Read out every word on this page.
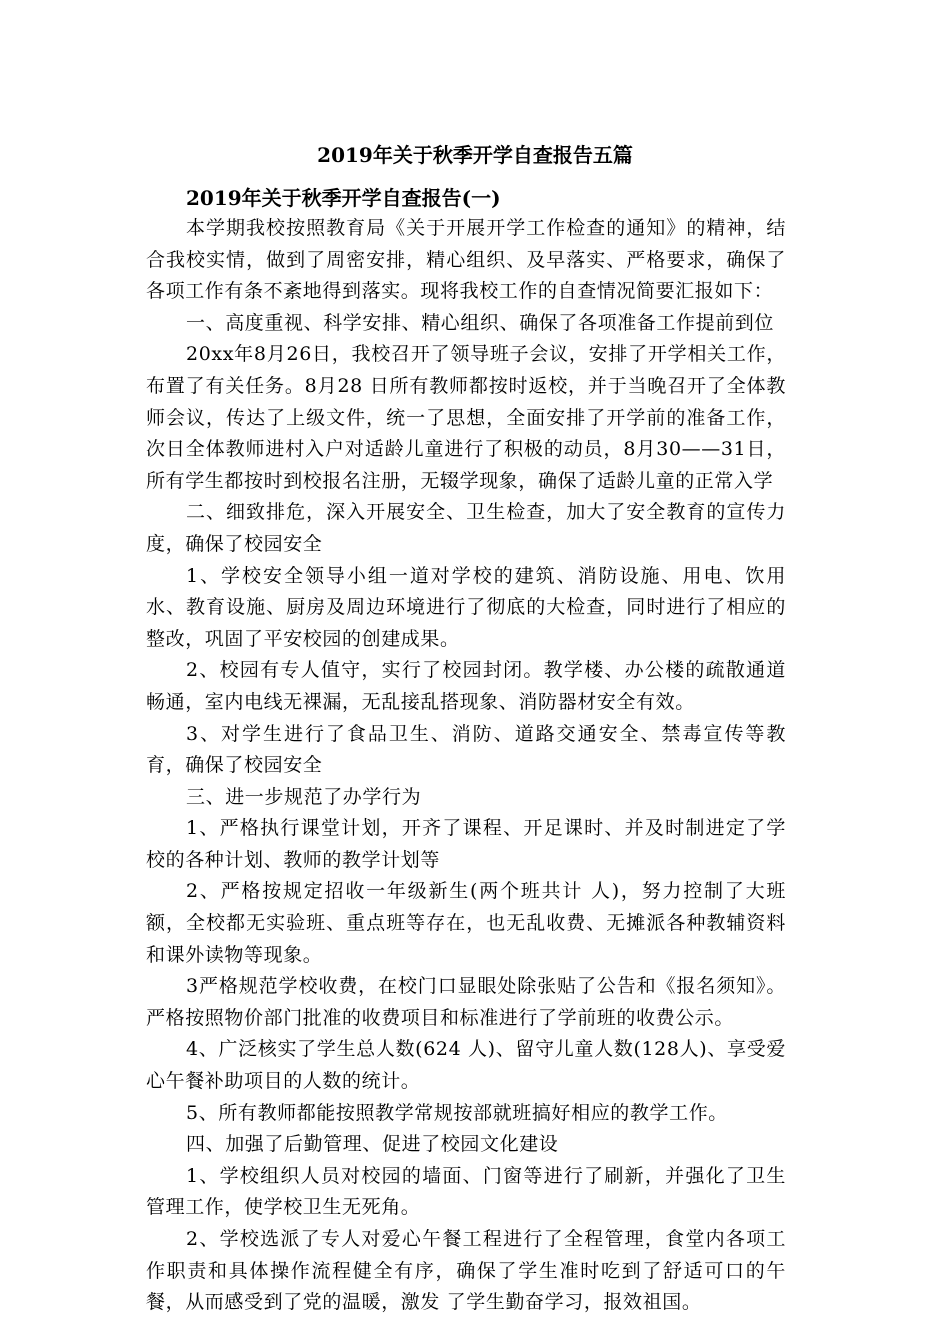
2019年关于秋季开学自查报告五篇

2019年关于秋季开学自查报告(一)

本学期我校按照教育局《关于开展开学工作检查的通知》的精神，结合我校实情，做到了周密安排，精心组织、及早落实、严格要求，确保了各项工作有条不紊地得到落实。现将我校工作的自查情况简要汇报如下：

一、高度重视、科学安排、精心组织、确保了各项准备工作提前到位

20xx年8月26日，我校召开了领导班子会议，安排了开学相关工作，布置了有关任务。8月28 日所有教师都按时返校，并于当晚召开了全体教师会议，传达了上级文件，统一了思想，全面安排了开学前的准备工作，次日全体教师进村入户对适龄儿童进行了积极的动员，8月30——31日，所有学生都按时到校报名注册，无辍学现象，确保了适龄儿童的正常入学

二、细致排危，深入开展安全、卫生检查，加大了安全教育的宣传力度，确保了校园安全

1、学校安全领导小组一道对学校的建筑、消防设施、用电、饮用水、教育设施、厨房及周边环境进行了彻底的大检查，同时进行了相应的整改，巩固了平安校园的创建成果。

2、校园有专人值守，实行了校园封闭。教学楼、办公楼的疏散通道畅通，室内电线无裸漏，无乱接乱搭现象、消防器材安全有效。

3、对学生进行了食品卫生、消防、道路交通安全、禁毒宣传等教育，确保了校园安全

三、进一步规范了办学行为

1、严格执行课堂计划，开齐了课程、开足课时、并及时制进定了学校的各种计划、教师的教学计划等

2、严格按规定招收一年级新生(两个班共计 人)，努力控制了大班额，全校都无实验班、重点班等存在，也无乱收费、无摊派各种教辅资料和课外读物等现象。

3严格规范学校收费，在校门口显眼处除张贴了公告和《报名须知》。严格按照物价部门批准的收费项目和标准进行了学前班的收费公示。

4、广泛核实了学生总人数(624 人)、留守儿童人数(128人)、享受爱心午餐补助项目的人数的统计。

5、所有教师都能按照教学常规按部就班搞好相应的教学工作。

四、加强了后勤管理、促进了校园文化建设

1、学校组织人员对校园的墙面、门窗等进行了刷新，并强化了卫生管理工作，使学校卫生无死角。

2、学校选派了专人对爱心午餐工程进行了全程管理，食堂内各项工作职责和具体操作流程健全有序，确保了学生准时吃到了舒适可口的午餐，从而感受到了党的温暖，激发 了学生勤奋学习，报效祖国。
